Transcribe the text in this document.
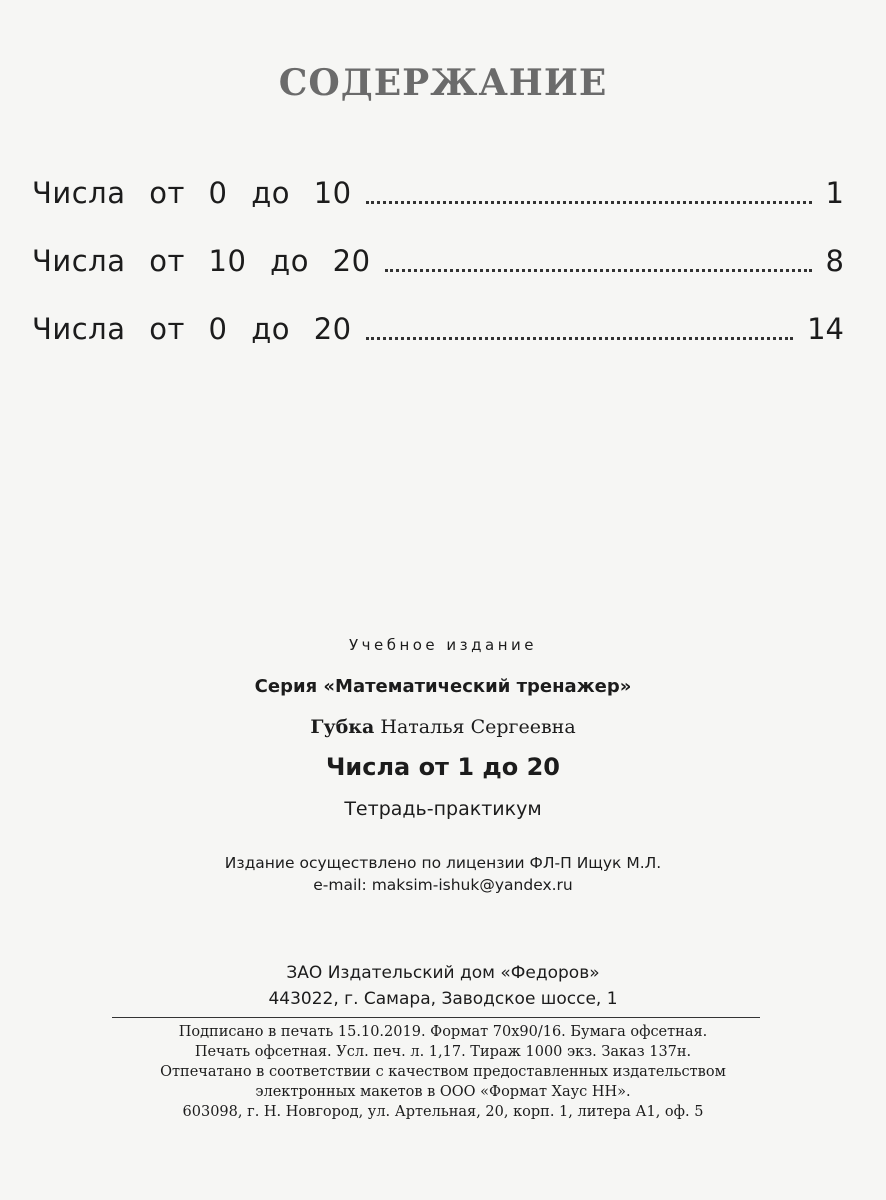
СОДЕРЖАНИЕ
Числа от 0 до 10	1
Числа от 10 до 20	8
Числа от 0 до 20	14
Учебное издание
Серия «Математический тренажер»
Губка Наталья Сергеевна
Числа от 1 до 20
Тетрадь-практикум
Издание осуществлено по лицензии ФЛ-П Ищук М.Л.
e-mail: maksim-ishuk@yandex.ru
ЗАО Издательский дом «Федоров»
443022, г. Самара, Заводское шоссе, 1
Подписано в печать 15.10.2019. Формат 70х90/16. Бумага офсетная.
Печать офсетная. Усл. печ. л. 1,17. Тираж 1000 экз. Заказ 137н.
Отпечатано в соответствии с качеством предоставленных издательством
электронных макетов в ООО «Формат Хаус НН».
603098, г. Н. Новгород, ул. Артельная, 20, корп. 1, литера А1, оф. 5
